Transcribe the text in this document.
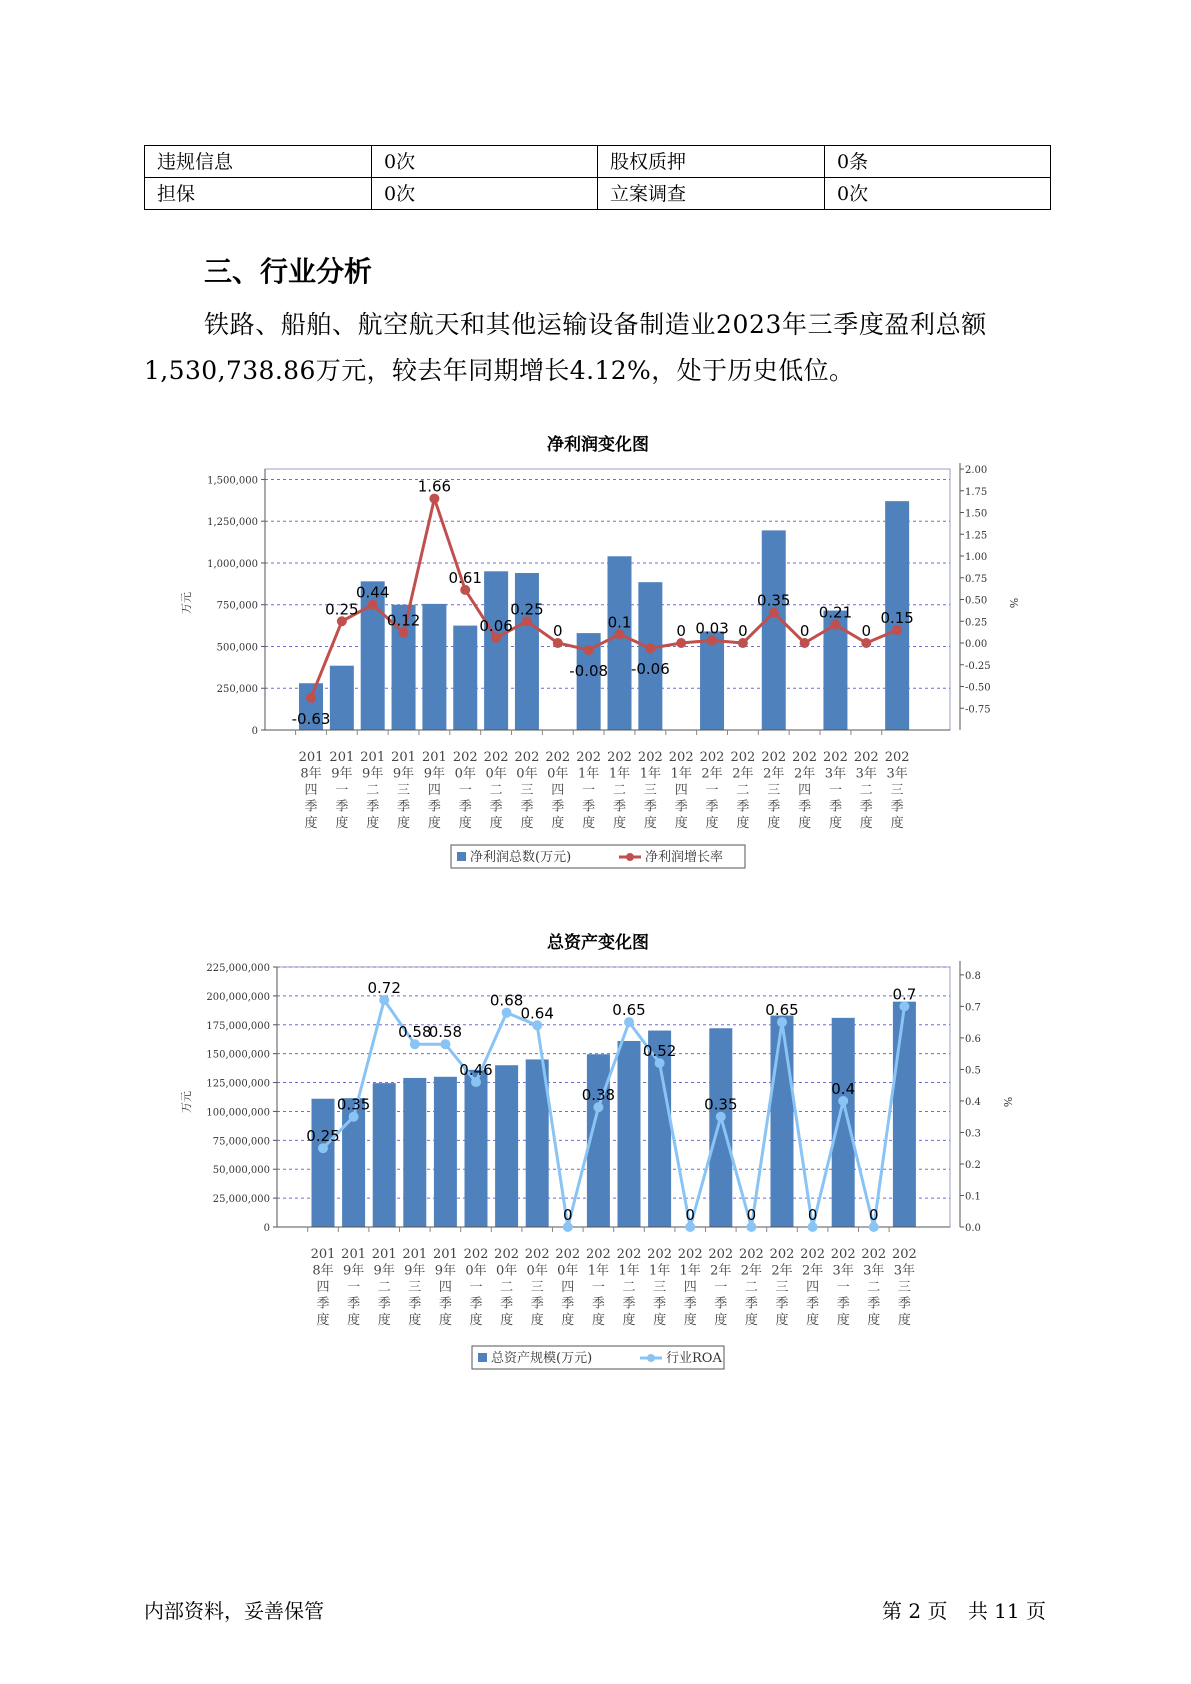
违规信息	0次	股权质押	0条
担保	0次	立案调查	0次
三、行业分析

铁路、船舶、航空航天和其他运输设备制造业2023年三季度盈利总额
1,530,738.86万元，较去年同期增长4.12%，处于历史低位。

净利润变化图
0
250,000
500,000
750,000
1,000,000
1,250,000
1,500,000
-0.75
-0.50
-0.25
0.00
0.25
0.50
0.75
1.00
1.25
1.50
1.75
2.00
万元	%
201
8年
四
季
度
201
9年
一
季
度
201
9年
二
季
度
201
9年
三
季
度
201
9年
四
季
度
202
0年
一
季
度
202
0年
二
季
度
202
0年
三
季
度
202
0年
四
季
度
202
1年
一
季
度
202
1年
二
季
度
202
1年
三
季
度
202
1年
四
季
度
202
2年
一
季
度
202
2年
二
季
度
202
2年
三
季
度
202
2年
四
季
度
202
3年
一
季
度
202
3年
二
季
度
202
3年
三
季
度
-0.63
0.25
0.44
0.12
1.66
0.61
0.06
0.25
0
-0.08
0.1
-0.06
0 0.03 0
0.35
0
0.21
0
0.15
净利润总数(万元)	净利润增长率
总资产变化图
0
25,000,000
50,000,000
75,000,000
100,000,000
125,000,000
150,000,000
175,000,000
200,000,000
225,000,000
0.0
0.1
0.2
0.3
0.4
0.5
0.6
0.7
0.8
万元	%
201
8年
四
季
度
201
9年
一
季
度
201
9年
二
季
度
201
9年
三
季
度
201
9年
四
季
度
202
0年
一
季
度
202
0年
二
季
度
202
0年
三
季
度
202
0年
四
季
度
202
1年
一
季
度
202
1年
二
季
度
202
1年
三
季
度
202
1年
四
季
度
202
2年
一
季
度
202
2年
二
季
度
202
2年
三
季
度
202
2年
四
季
度
202
3年
一
季
度
202
3年
二
季
度
202
3年
三
季
度
0.25
0.35
0.72
0.58
0.58
0.46
0.68
0.64
0
0.38
0.65
0.52
0
0.35
0
0.65
0
0.4
0
0.7
总资产规模(万元)	行业ROA
内部资料，妥善保管	第 2 页 共 11 页
